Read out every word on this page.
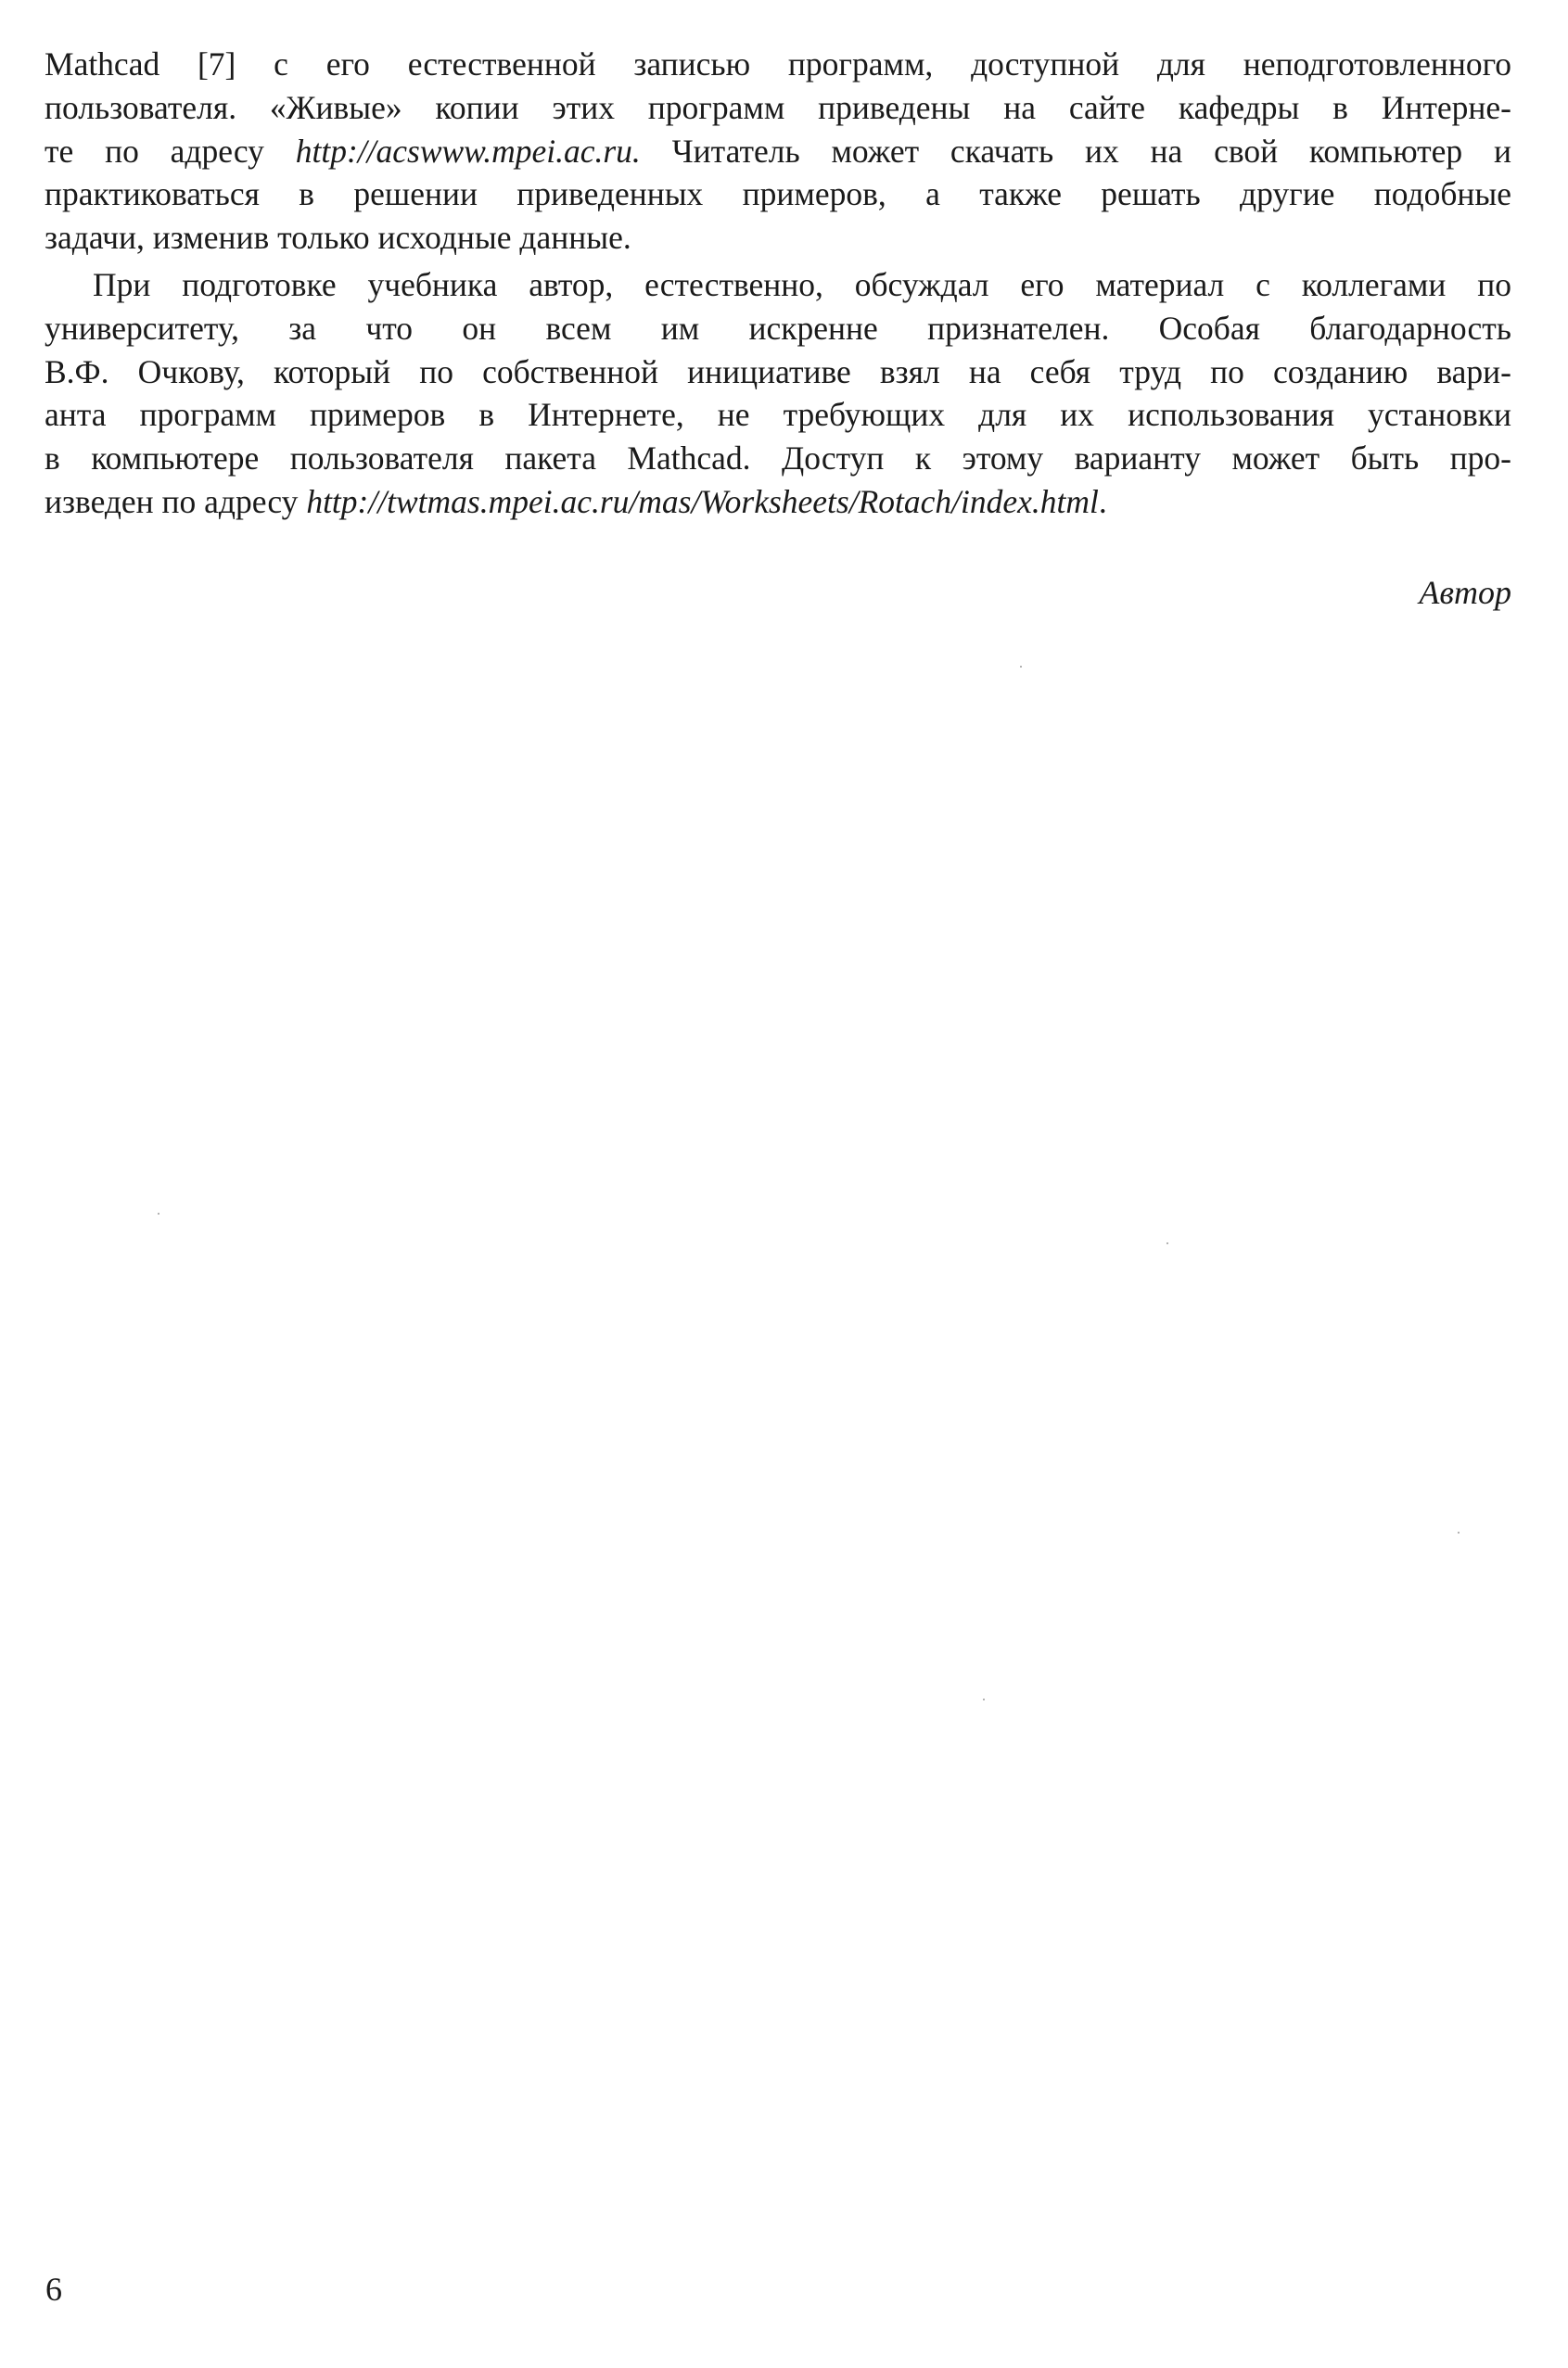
Mathcad [7] с его естественной записью программ, доступной для неподготовленного
пользователя. «Живые» копии этих программ приведены на сайте кафедры в Интерне-
те по адресу http://acswww.mpei.ac.ru. Читатель может скачать их на свой компьютер и
практиковаться в решении приведенных примеров, а также решать другие подобные
задачи, изменив только исходные данные.
При подготовке учебника автор, естественно, обсуждал его материал с коллегами по
университету, за что он всем им искренне признателен. Особая благодарность
В.Ф. Очкову, который по собственной инициативе взял на себя труд по созданию вари-
анта программ примеров в Интернете, не требующих для их использования установки
в компьютере пользователя пакета Mathcad. Доступ к этому варианту может быть про-
изведен по адресу http://twtmas.mpei.ac.ru/mas/Worksheets/Rotach/index.html.
Автор
6
